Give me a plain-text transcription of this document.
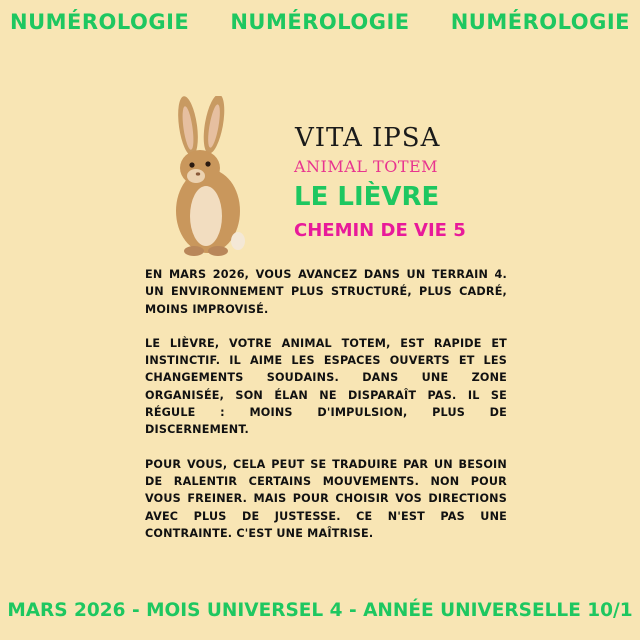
NUMÉROLOGIE NUMÉROLOGIE NUMÉROLOGIE
VITA IPSA
ANIMAL TOTEM
LE LIÈVRE
CHEMIN DE VIE 5

EN MARS 2026, VOUS AVANCEZ DANS UN TERRAIN 4. UN ENVIRONNEMENT PLUS STRUCTURÉ, PLUS CADRÉ, MOINS IMPROVISÉ.

LE LIÈVRE, VOTRE ANIMAL TOTEM, EST RAPIDE ET INSTINCTIF. IL AIME LES ESPACES OUVERTS ET LES CHANGEMENTS SOUDAINS. DANS UNE ZONE ORGANISÉE, SON ÉLAN NE DISPARAÎT PAS. IL SE RÉGULE : MOINS D'IMPULSION, PLUS DE DISCERNEMENT.

POUR VOUS, CELA PEUT SE TRADUIRE PAR UN BESOIN DE RALENTIR CERTAINS MOUVEMENTS. NON POUR VOUS FREINER. MAIS POUR CHOISIR VOS DIRECTIONS AVEC PLUS DE JUSTESSE. CE N'EST PAS UNE CONTRAINTE. C'EST UNE MAÎTRISE.

MARS 2026 - MOIS UNIVERSEL 4 - ANNÉE UNIVERSELLE 10/1
